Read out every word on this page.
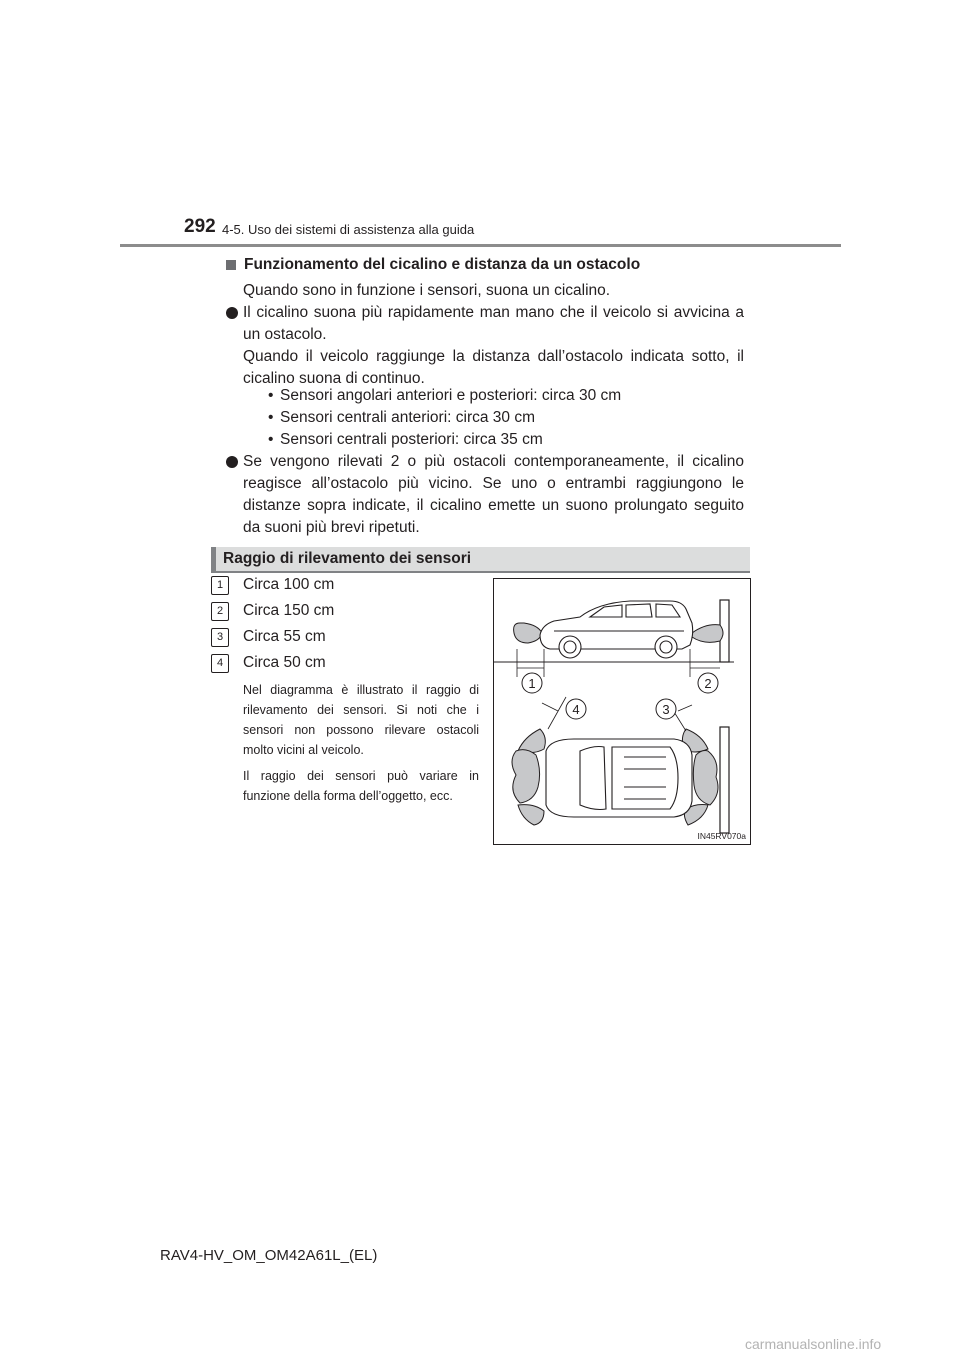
292 4-5. Uso dei sistemi di assistenza alla guida
Funzionamento del cicalino e distanza da un ostacolo
Quando sono in funzione i sensori, suona un cicalino.
Il cicalino suona più rapidamente man mano che il veicolo si avvicina a un ostacolo.
Quando il veicolo raggiunge la distanza dall’ostacolo indicata sotto, il cicalino suona di continuo.
• Sensori angolari anteriori e posteriori: circa 30 cm
• Sensori centrali anteriori: circa 30 cm
• Sensori centrali posteriori: circa 35 cm
Se vengono rilevati 2 o più ostacoli contemporaneamente, il cicalino reagisce all’ostacolo più vicino. Se uno o entrambi raggiungono le distanze sopra indicate, il cicalino emette un suono prolungato seguito da suoni più brevi ripetuti.
Raggio di rilevamento dei sensori
1	Circa 100 cm
2	Circa 150 cm
3	Circa 55 cm
4	Circa 50 cm
Nel diagramma è illustrato il raggio di rilevamento dei sensori. Si noti che i sensori non possono rilevare ostacoli molto vicini al veicolo.
Il raggio dei sensori può variare in funzione della forma dell’oggetto, ecc.
1	2
3
4
IN45RV070a
RAV4-HV_OM_OM42A61L_(EL)
carmanualsonline.info
